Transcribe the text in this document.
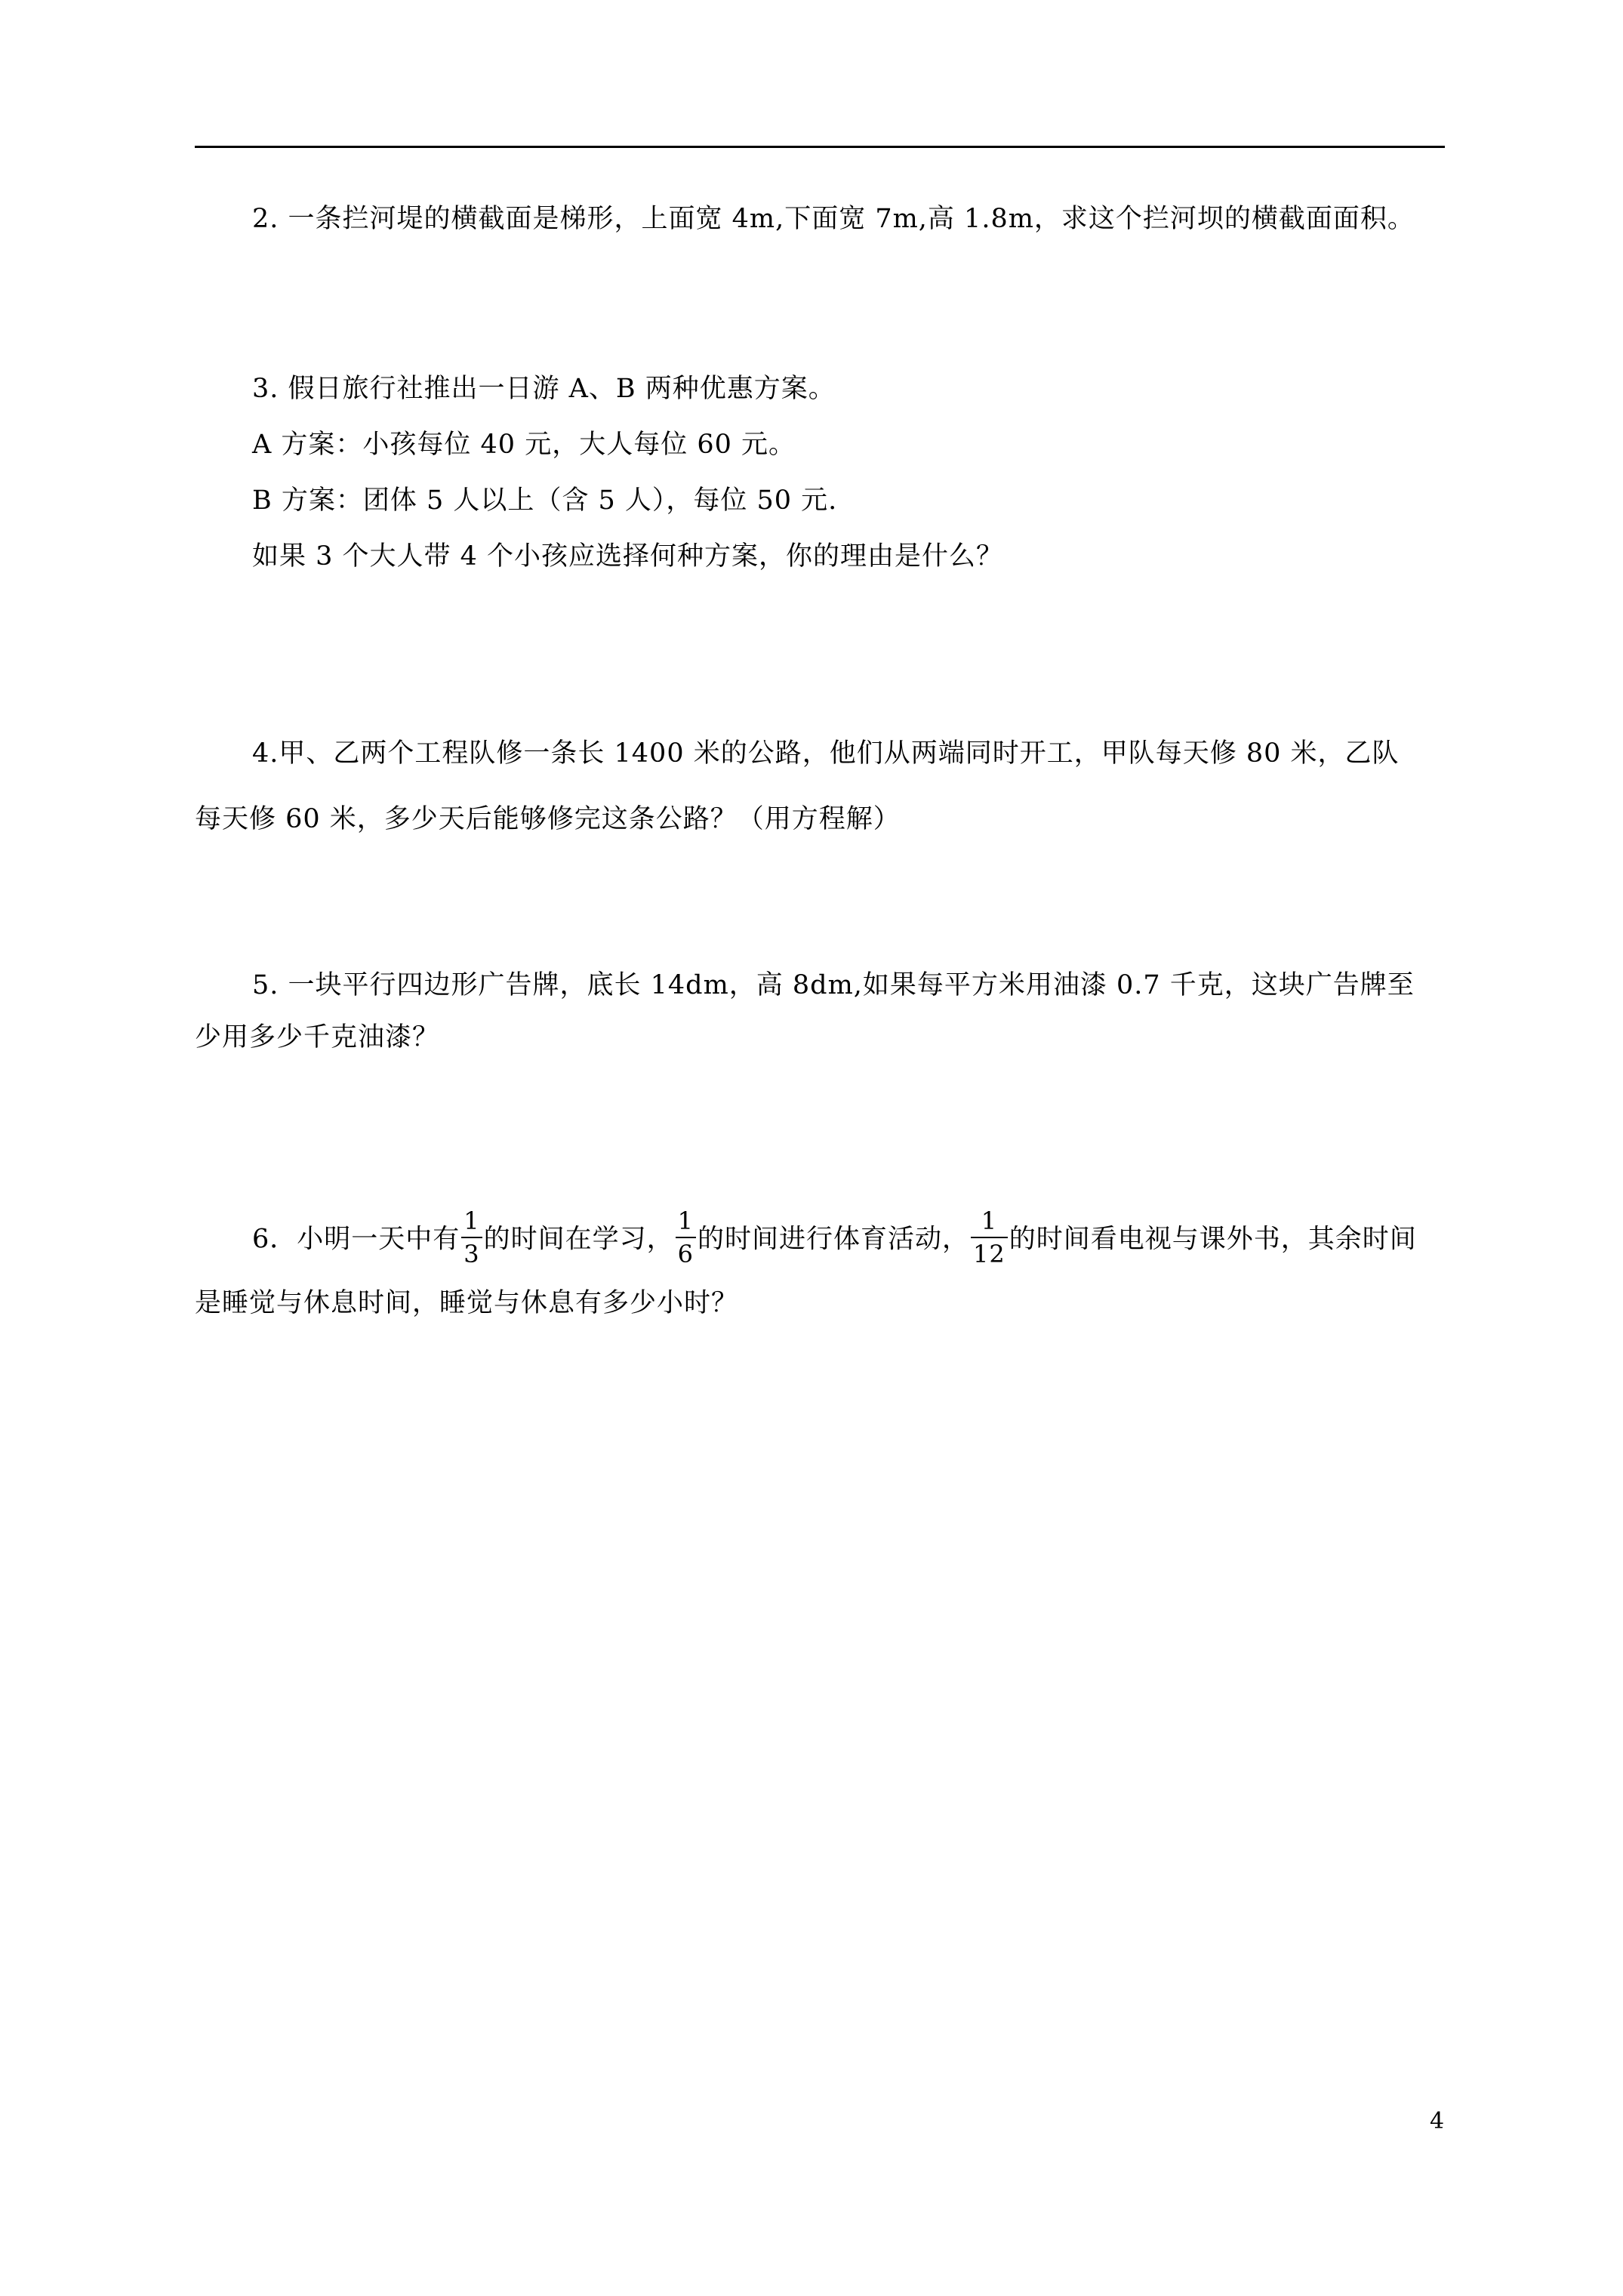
2. 一条拦河堤的横截面是梯形，上面宽 4m,下面宽 7m,高 1.8m，求这个拦河坝的横截面面积。
3. 假日旅行社推出一日游 A、B 两种优惠方案。
A 方案：小孩每位 40 元，大人每位 60 元。
B 方案：团体 5 人以上（含 5 人），每位 50 元.
如果 3 个大人带 4 个小孩应选择何种方案，你的理由是什么？
4.甲、乙两个工程队修一条长 1400 米的公路，他们从两端同时开工，甲队每天修 80 米，乙队
每天修 60 米，多少天后能够修完这条公路？（用方程解）
5. 一块平行四边形广告牌，底长 14dm，高 8dm,如果每平方米用油漆 0.7 千克，这块广告牌至
少用多少千克油漆？
6．小明一天中有 $\frac{1}{3}$ 的时间在学习， $\frac{1}{6}$ 的时间进行体育活动， $\frac{1}{12}$ 的时间看电视与课外书，其余时间
是睡觉与休息时间，睡觉与休息有多少小时？
4
